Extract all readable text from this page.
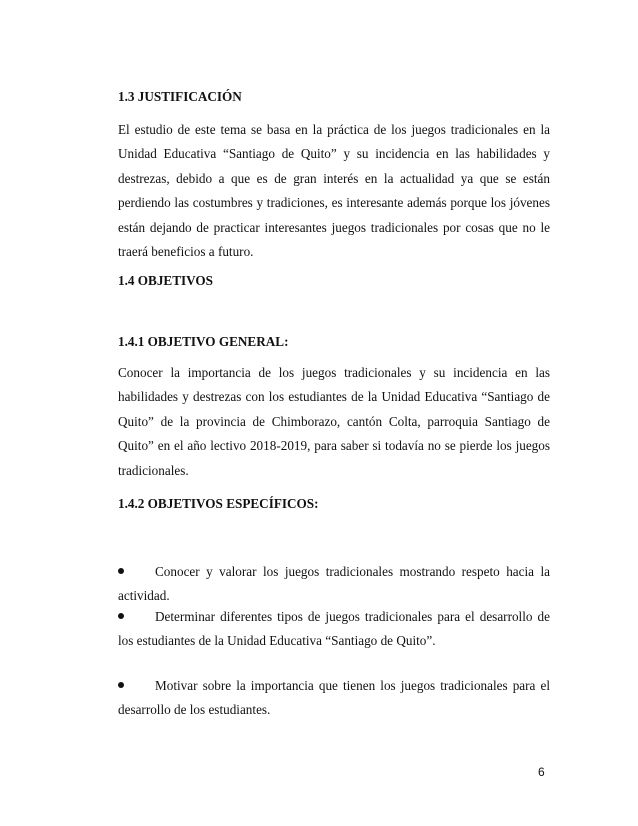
1.3 JUSTIFICACIÓN

El estudio de este tema se basa en la práctica de los juegos tradicionales en la Unidad Educativa “Santiago de Quito” y su incidencia en las habilidades y destrezas, debido a que es de gran interés en la actualidad ya que se están perdiendo las costumbres y tradiciones, es interesante además porque los jóvenes están dejando de practicar interesantes juegos tradicionales por cosas que no le traerá beneficios a futuro.

1.4 OBJETIVOS
1.4.1 OBJETIVO GENERAL:

Conocer la importancia de los juegos tradicionales y su incidencia en las habilidades y destrezas con los estudiantes de la Unidad Educativa “Santiago de Quito” de la provincia de Chimborazo, cantón Colta, parroquia Santiago de Quito” en el año lectivo 2018-2019, para saber si todavía no se pierde los juegos tradicionales.

1.4.2 OBJETIVOS ESPECÍFICOS:

Conocer y valorar los juegos tradicionales mostrando respeto hacia la actividad.

Determinar diferentes tipos de juegos tradicionales para el desarrollo de los estudiantes de la Unidad Educativa “Santiago de Quito”.

Motivar sobre la importancia que tienen los juegos tradicionales para el desarrollo de los estudiantes.

6
